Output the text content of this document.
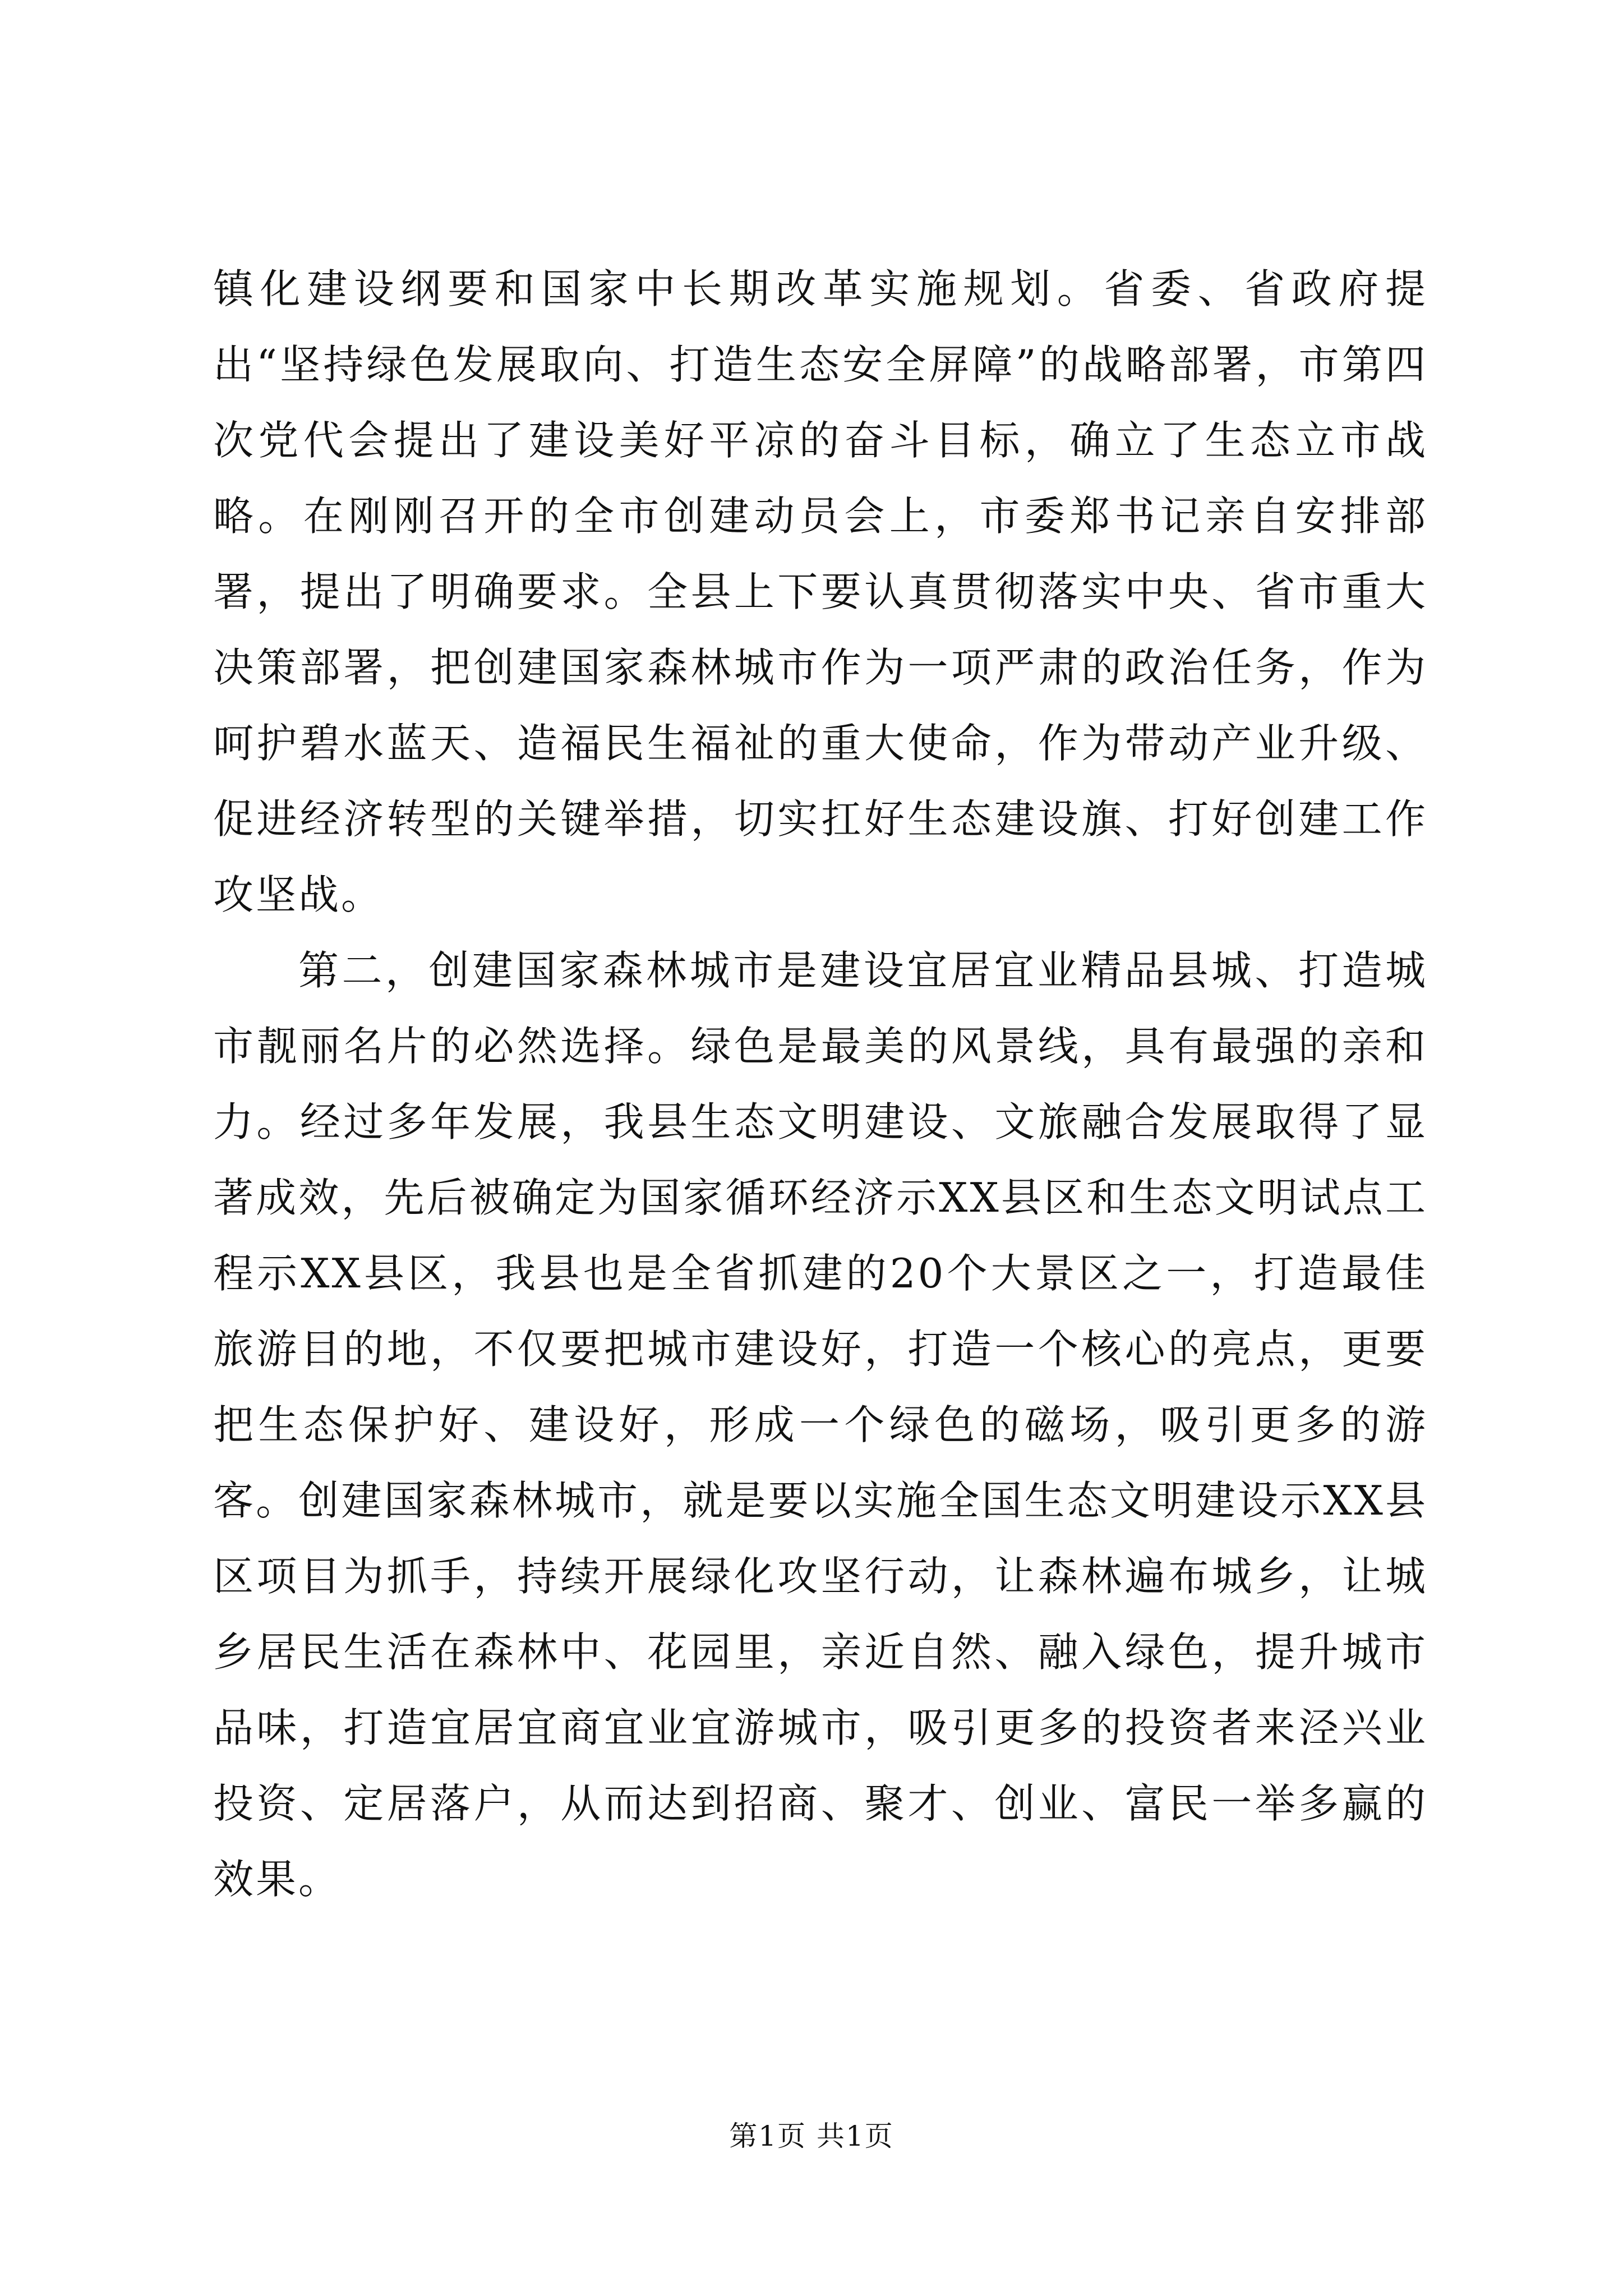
镇化建设纲要和国家中长期改革实施规划。省委、省政府提出“坚持绿色发展取向、打造生态安全屏障”的战略部署，市第四次党代会提出了建设美好平凉的奋斗目标，确立了生态立市战略。在刚刚召开的全市创建动员会上，市委郑书记亲自安排部署，提出了明确要求。全县上下要认真贯彻落实中央、省市重大决策部署，把创建国家森林城市作为一项严肃的政治任务，作为呵护碧水蓝天、造福民生福祉的重大使命，作为带动产业升级、促进经济转型的关键举措，切实扛好生态建设旗、打好创建工作攻坚战。

第二，创建国家森林城市是建设宜居宜业精品县城、打造城市靓丽名片的必然选择。绿色是最美的风景线，具有最强的亲和力。经过多年发展，我县生态文明建设、文旅融合发展取得了显著成效，先后被确定为国家循环经济示XX县区和生态文明试点工程示XX县区，我县也是全省抓建的20个大景区之一，打造最佳旅游目的地，不仅要把城市建设好，打造一个核心的亮点，更要把生态保护好、建设好，形成一个绿色的磁场，吸引更多的游客。创建国家森林城市，就是要以实施全国生态文明建设示XX县区项目为抓手，持续开展绿化攻坚行动，让森林遍布城乡，让城乡居民生活在森林中、花园里，亲近自然、融入绿色，提升城市品味，打造宜居宜商宜业宜游城市，吸引更多的投资者来泾兴业投资、定居落户，从而达到招商、聚才、创业、富民一举多赢的效果。

第1页 共1页
